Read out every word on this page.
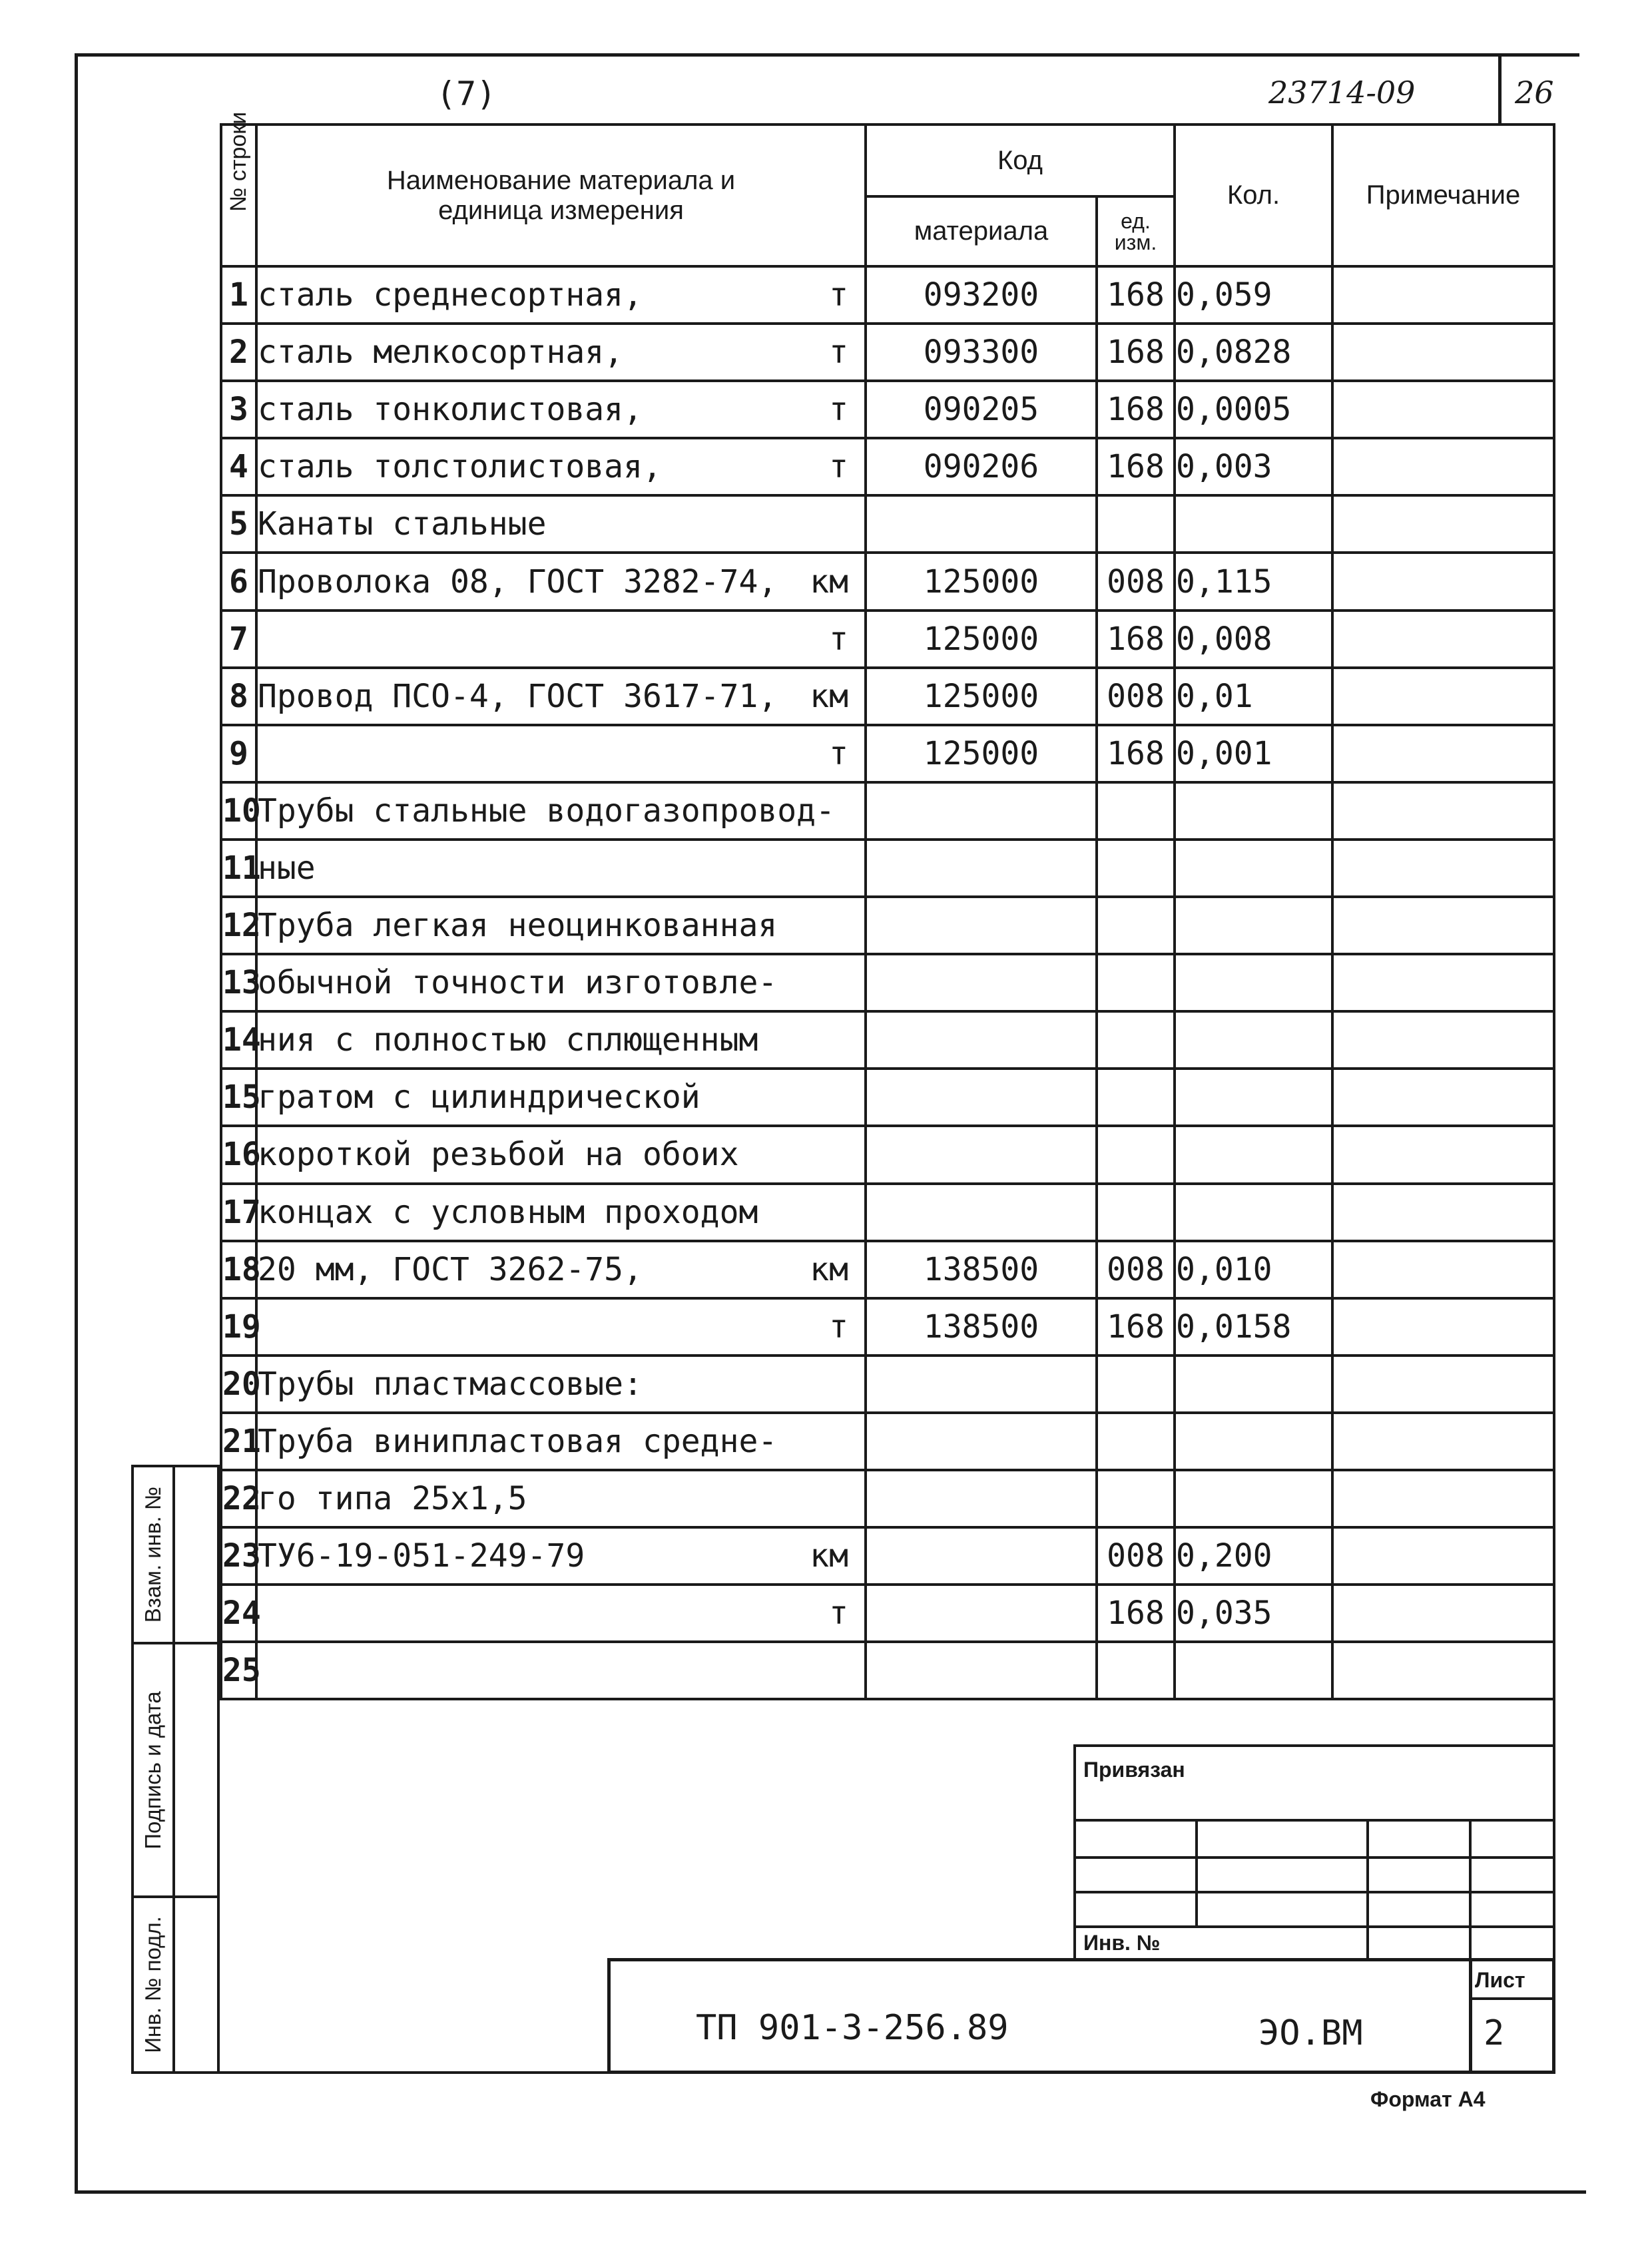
(7)	23714-09	26
№ строки	Наименование материала и единица измерения	Код		Кол.	Примечание
		материала	ед. изм.		
1	сталь среднесортная, т	093200	168	0,059	
2	сталь мелкосортная, т	093300	168	0,0828	
3	сталь тонколистовая, т	090205	168	0,0005	
4	сталь толстолистовая, т	090206	168	0,003	
5	Канаты стальные

6	Проволока 08, ГОСТ 3282-74, км	125000	008	0,115	
7	т	125000	168	0,008	
8	Провод ПСО-4, ГОСТ 3617-71, км	125000	008	0,01	
9	т	125000	168	0,001	
10	Трубы стальные водогазопровод-

11	ные

12	Труба легкая неоцинкованная

13	обычной точности изготовле-

14	ния с полностью сплющенным

15	гратом с цилиндрической

16	короткой резьбой на обоих

17	концах с условным проходом

18	20 мм, ГОСТ 3262-75, км	138500	008	0,010	
19	т	138500	168	0,0158	
20	Трубы пластмассовые:

21	Труба винипластовая средне-

22	го типа 25х1,5

23	ТУ6-19-051-249-79 км		008	0,200	
24	т		168	0,035	
25	

Взам. инв. №
Подпись и дата
Инв. № подл.
Привязан
Инв. №
ТП 901-3-256.89	ЭО.ВМ
Лист
2
Формат А4
